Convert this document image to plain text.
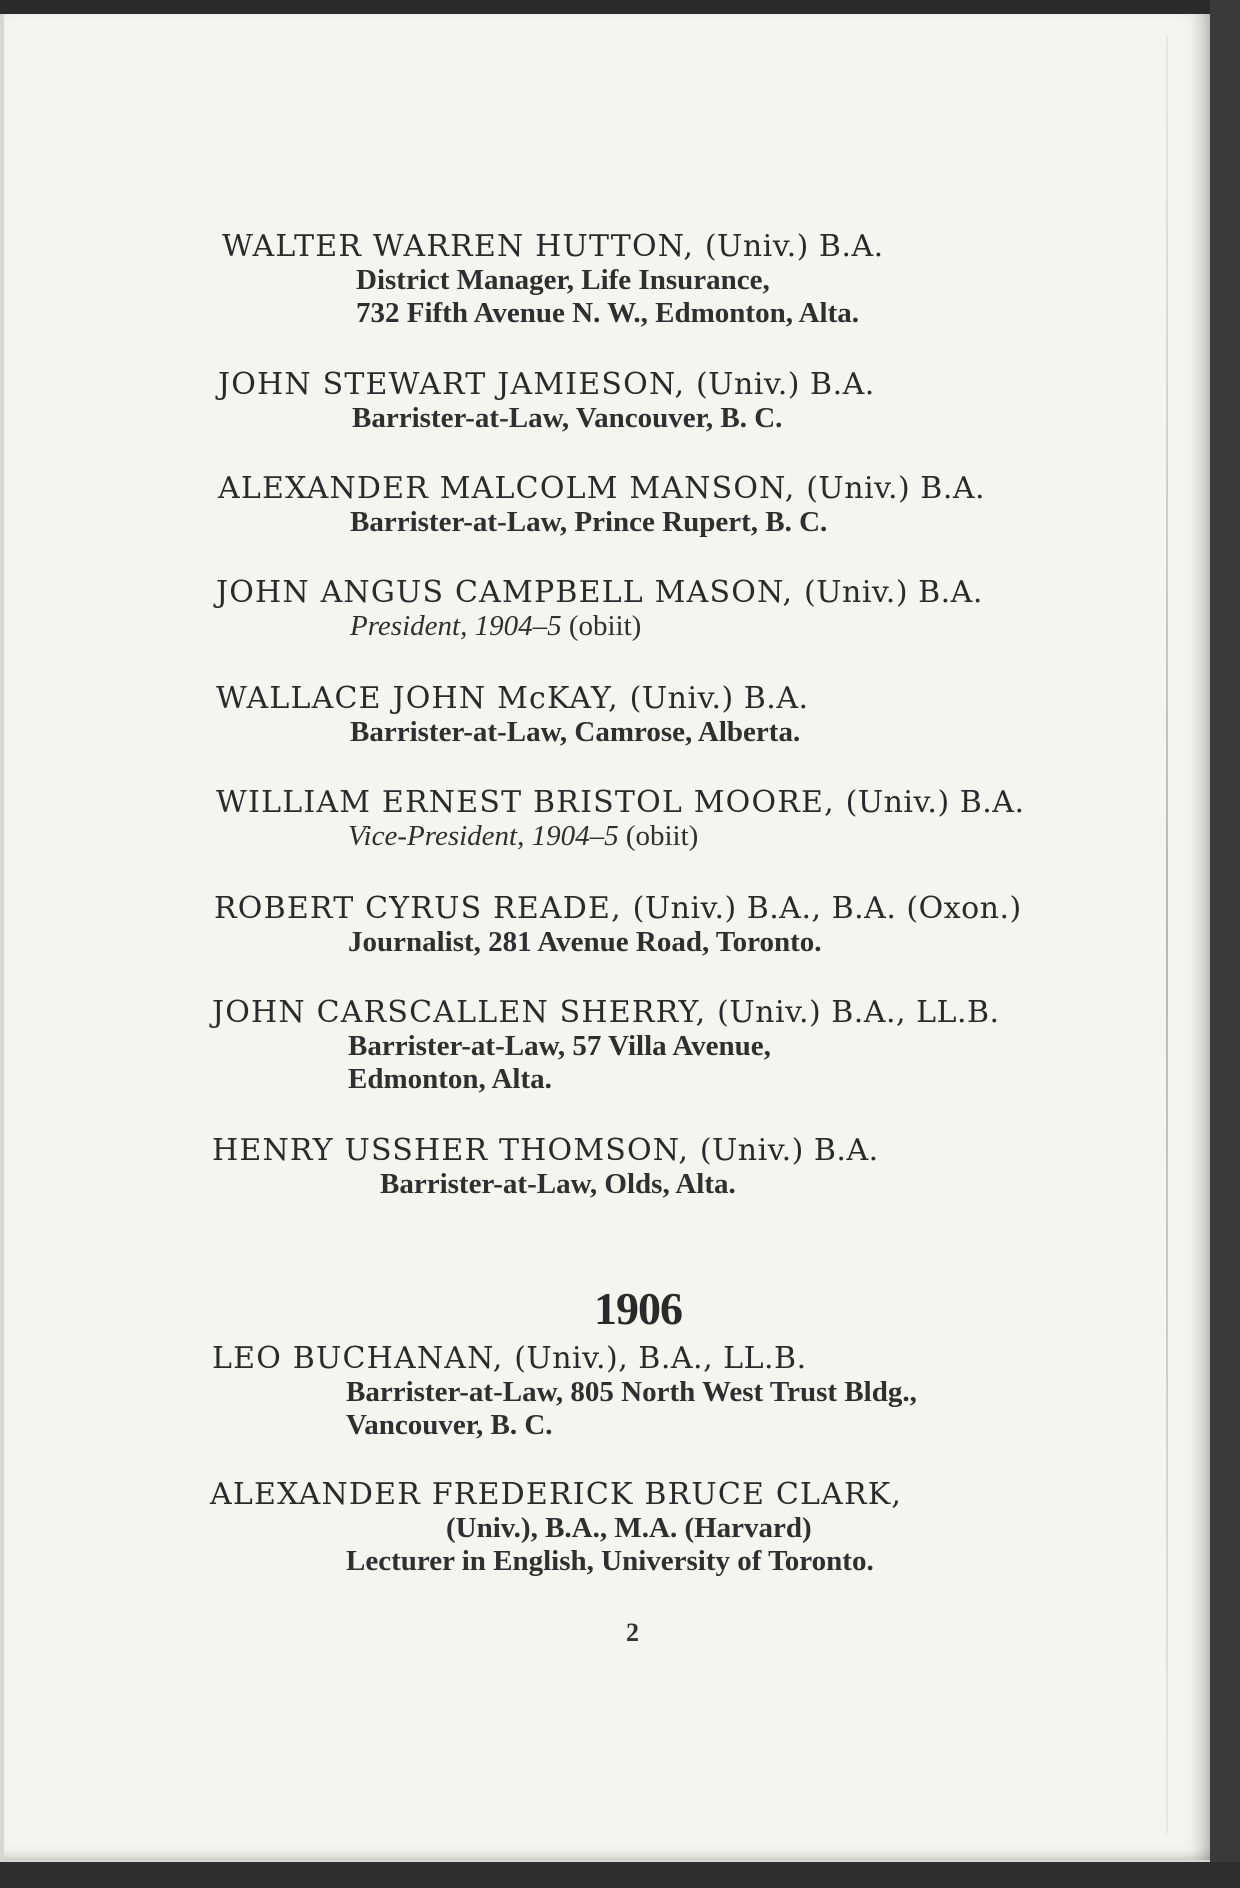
WALTER WARREN HUTTON, (Univ.) B.A.
District Manager, Life Insurance,
732 Fifth Avenue N. W., Edmonton, Alta.
JOHN STEWART JAMIESON, (Univ.) B.A.
Barrister-at-Law, Vancouver, B. C.
ALEXANDER MALCOLM MANSON, (Univ.) B.A.
Barrister-at-Law, Prince Rupert, B. C.
JOHN ANGUS CAMPBELL MASON, (Univ.) B.A.
President, 1904–5 (obiit)
WALLACE JOHN McKAY, (Univ.) B.A.
Barrister-at-Law, Camrose, Alberta.
WILLIAM ERNEST BRISTOL MOORE, (Univ.) B.A.
Vice-President, 1904–5 (obiit)
ROBERT CYRUS READE, (Univ.) B.A., B.A. (Oxon.)
Journalist, 281 Avenue Road, Toronto.
JOHN CARSCALLEN SHERRY, (Univ.) B.A., LL.B.
Barrister-at-Law, 57 Villa Avenue,
Edmonton, Alta.
HENRY USSHER THOMSON, (Univ.) B.A.
Barrister-at-Law, Olds, Alta.
1906
LEO BUCHANAN, (Univ.), B.A., LL.B.
Barrister-at-Law, 805 North West Trust Bldg.,
Vancouver, B. C.
ALEXANDER FREDERICK BRUCE CLARK,
(Univ.), B.A., M.A. (Harvard)
Lecturer in English, University of Toronto.
2
